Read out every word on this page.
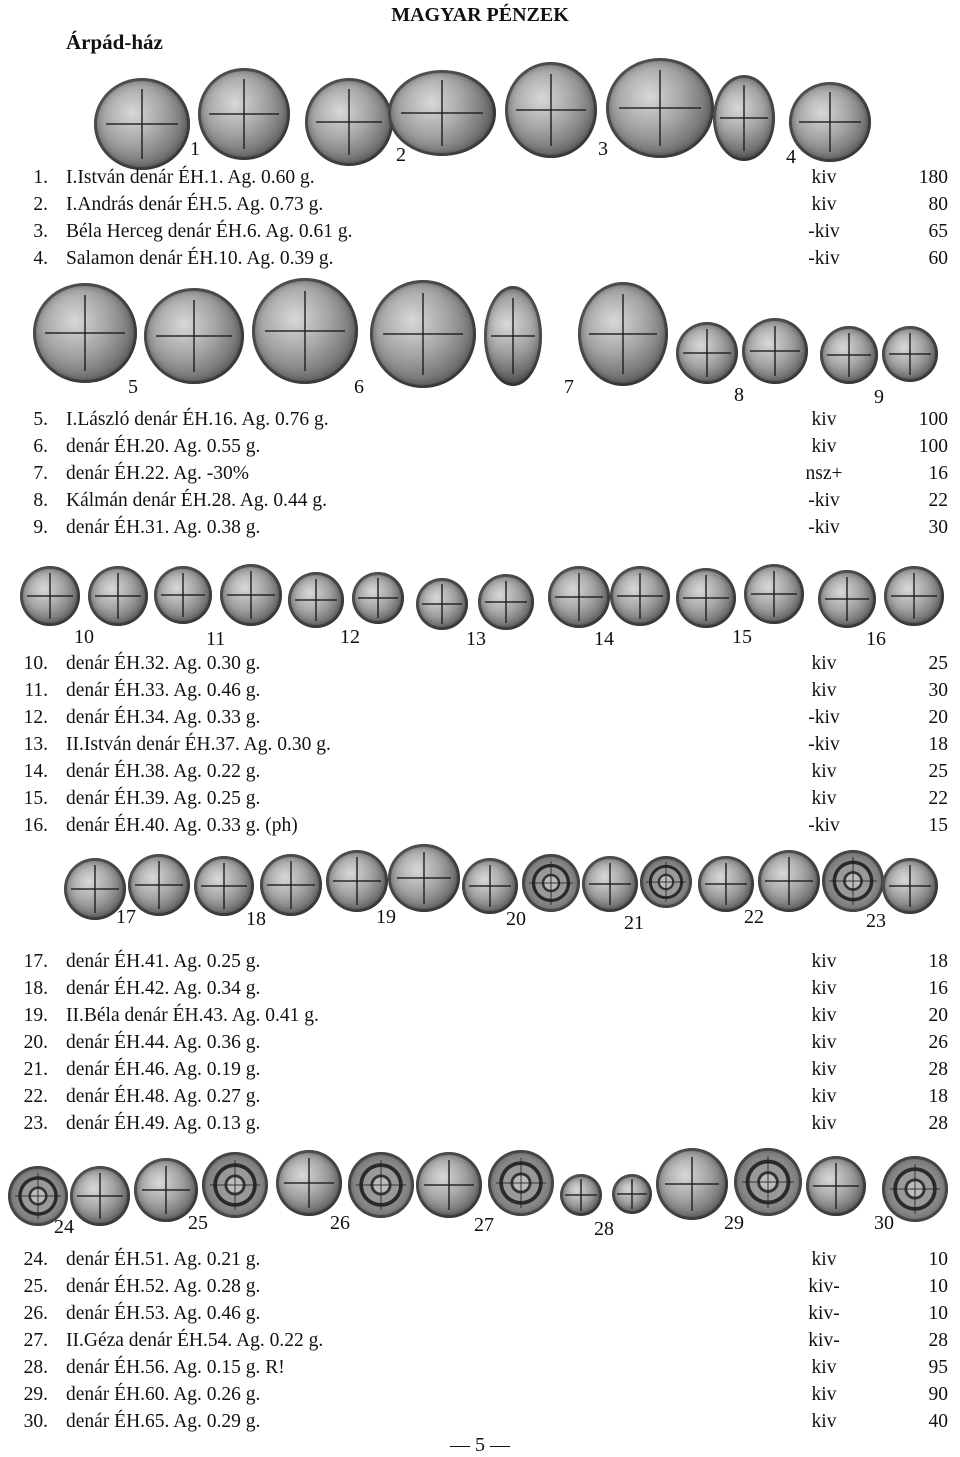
MAGYAR PÉNZEK
Árpád-ház
1	2	3	4
5	6	7	8	9
10	11	12	13	14	15	16
17	18	19	20	21	22	23
24	25	26	27	28	29	30
1. I.István denár ÉH.1. Ag. 0.60 g.	kiv	180
2. I.András denár ÉH.5. Ag. 0.73 g.	kiv	80
3. Béla Herceg denár ÉH.6. Ag. 0.61 g.	-kiv	65
4. Salamon denár ÉH.10. Ag. 0.39 g.	-kiv	60
5. I.László denár ÉH.16. Ag. 0.76 g.	kiv	100
6. denár ÉH.20. Ag. 0.55 g.	kiv	100
7. denár ÉH.22. Ag. -30%	nsz+	16
8. Kálmán denár ÉH.28. Ag. 0.44 g.	-kiv	22
9. denár ÉH.31. Ag. 0.38 g.	-kiv	30
10. denár ÉH.32. Ag. 0.30 g.	kiv	25
11. denár ÉH.33. Ag. 0.46 g.	kiv	30
12. denár ÉH.34. Ag. 0.33 g.	-kiv	20
13. II.István denár ÉH.37. Ag. 0.30 g.	-kiv	18
14. denár ÉH.38. Ag. 0.22 g.	kiv	25
15. denár ÉH.39. Ag. 0.25 g.	kiv	22
16. denár ÉH.40. Ag. 0.33 g. (ph)	-kiv	15
17. denár ÉH.41. Ag. 0.25 g.	kiv	18
18. denár ÉH.42. Ag. 0.34 g.	kiv	16
19. II.Béla denár ÉH.43. Ag. 0.41 g.	kiv	20
20. denár ÉH.44. Ag. 0.36 g.	kiv	26
21. denár ÉH.46. Ag. 0.19 g.	kiv	28
22. denár ÉH.48. Ag. 0.27 g.	kiv	18
23. denár ÉH.49. Ag. 0.13 g.	kiv	28
24. denár ÉH.51. Ag. 0.21 g.	kiv	10
25. denár ÉH.52. Ag. 0.28 g.	kiv-	10
26. denár ÉH.53. Ag. 0.46 g.	kiv-	10
27. II.Géza denár ÉH.54. Ag. 0.22 g.	kiv-	28
28. denár ÉH.56. Ag. 0.15 g. R!	kiv	95
29. denár ÉH.60. Ag. 0.26 g.	kiv	90
30. denár ÉH.65. Ag. 0.29 g.	kiv	40
— 5 —
